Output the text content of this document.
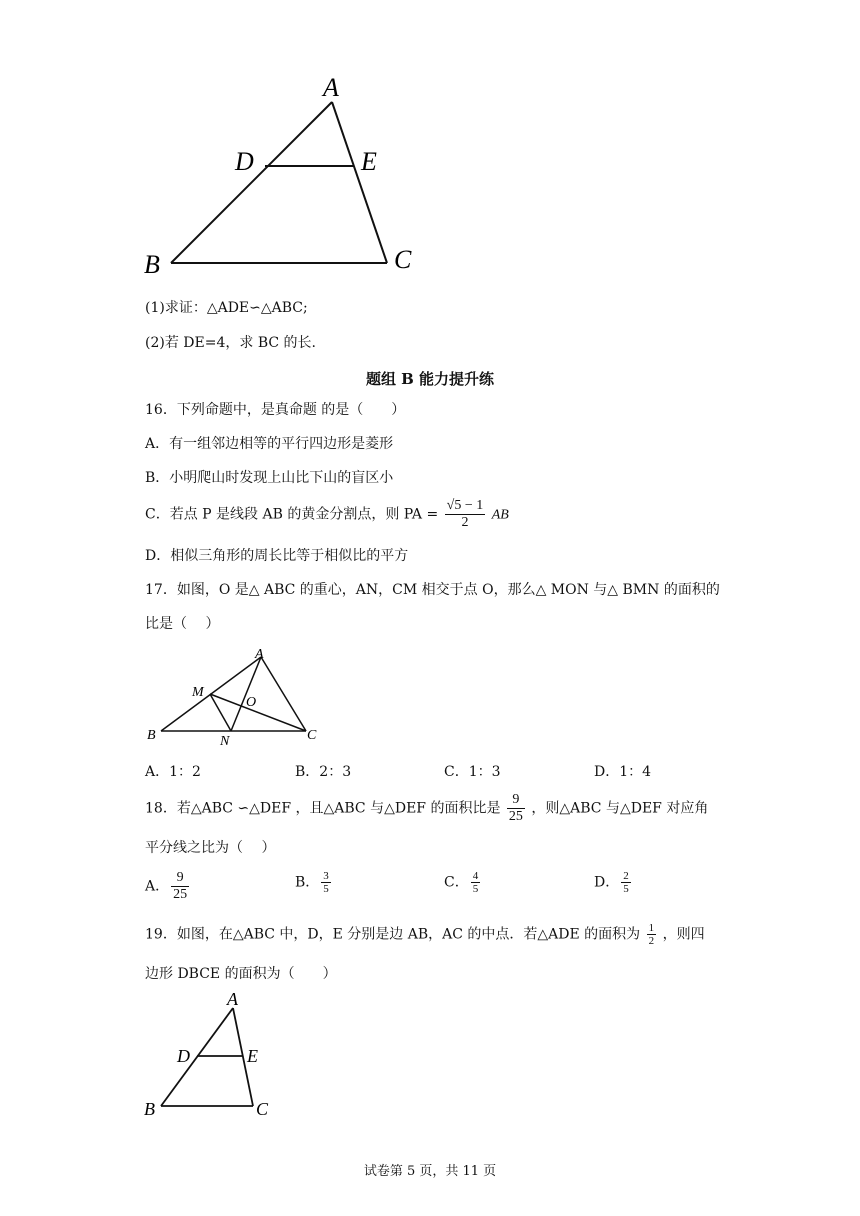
A
D	E
B	C
(1)求证：△ADE∽△ABC;
(2)若 DE=4，求 BC 的长.
题组 B 能力提升练
16．下列命题中，是真命题 的是（　　）
A．有一组邻边相等的平行四边形是菱形
B．小明爬山时发现上山比下山的盲区小
C．若点 P 是线段 AB 的黄金分割点，则 PA = $\frac{√5 - 1}{2}$ AB
D．相似三角形的周长比等于相似比的平方
17．如图，O 是△ ABC 的重心，AN，CM 相交于点 O，那么△ MON 与△ BMN 的面积的
比是（　 ）
A
M
O
B	N	C
A．1：2	B．2：3	C．1：3	D．1：4
18．若△ABC ∽△DEF ，且△ABC 与△DEF 的面积比是 $\frac{9}{25}$ ，则△ABC 与△DEF 对应角
平分线之比为（　 ）
A． $\frac{9}{25}$	B． $\frac{3}{5}$	C． $\frac{4}{5}$	D． $\frac{2}{5}$
19．如图，在△ABC 中，D，E 分别是边 AB，AC 的中点．若△ADE 的面积为 $\frac{1}{2}$ ，则四
边形 DBCE 的面积为（　　）
A
D	E
B	C
试卷第 5 页，共 11 页
